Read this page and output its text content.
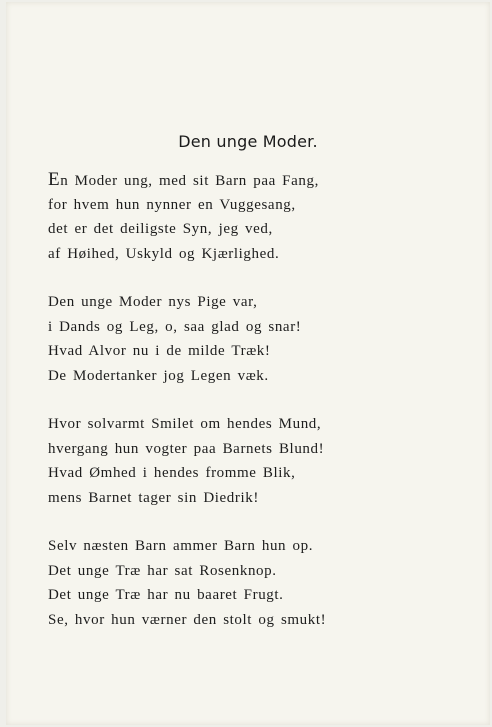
Den unge Moder.
En Moder ung, med sit Barn paa Fang,
for hvem hun nynner en Vuggesang,
det er det deiligste Syn, jeg ved,
af Høihed, Uskyld og Kjærlighed.
Den unge Moder nys Pige var,
i Dands og Leg, o, saa glad og snar!
Hvad Alvor nu i de milde Træk!
De Modertanker jog Legen væk.
Hvor solvarmt Smilet om hendes Mund,
hvergang hun vogter paa Barnets Blund!
Hvad Ømhed i hendes fromme Blik,
mens Barnet tager sin Diedrik!
Selv næsten Barn ammer Barn hun op.
Det unge Træ har sat Rosenknop.
Det unge Træ har nu baaret Frugt.
Se, hvor hun værner den stolt og smukt!
